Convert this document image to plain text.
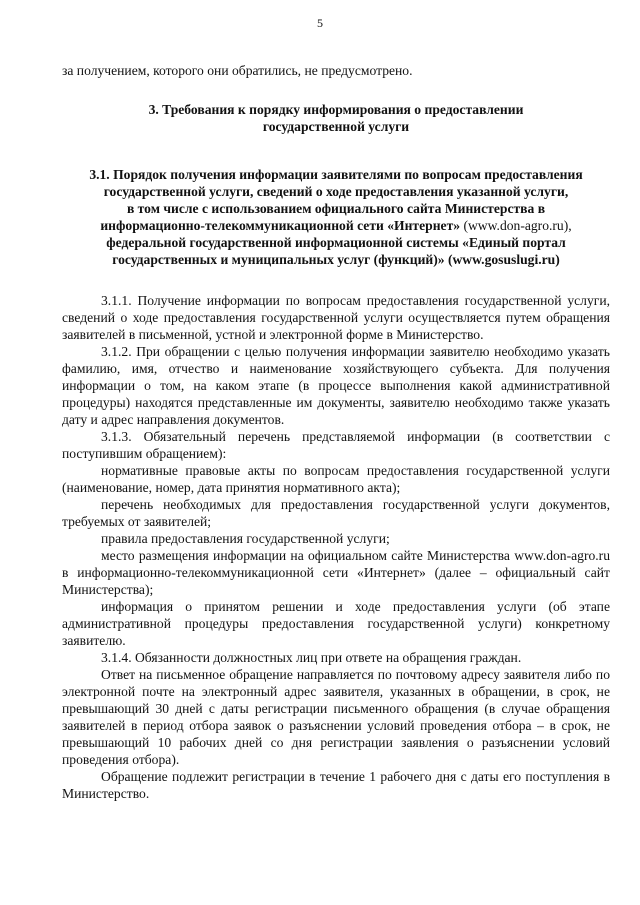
5

за получением, которого они обратились, не предусмотрено.

3. Требования к порядку информирования о предоставлении
государственной услуги
3.1. Порядок получения информации заявителями по вопросам предоставления
государственной услуги, сведений о ходе предоставления указанной услуги,
в том числе с использованием официального сайта Министерства в
информационно-телекоммуникационной сети «Интернет» (www.don-agro.ru),
федеральной государственной информационной системы «Единый портал
государственных и муниципальных услуг (функций)» (www.gosuslugi.ru)

3.1.1. Получение информации по вопросам предоставления государственной услуги, сведений о ходе предоставления государственной услуги осуществляется путем обращения заявителей в письменной, устной и электронной форме в Министерство.

3.1.2. При обращении с целью получения информации заявителю необходимо указать фамилию, имя, отчество и наименование хозяйствующего субъекта. Для получения информации о том, на каком этапе (в процессе выполнения какой административной процедуры) находятся представленные им документы, заявителю необходимо также указать дату и адрес направления документов.

3.1.3. Обязательный перечень представляемой информации (в соответствии с поступившим обращением):

нормативные правовые акты по вопросам предоставления государственной услуги (наименование, номер, дата принятия нормативного акта);

перечень необходимых для предоставления государственной услуги документов, требуемых от заявителей;

правила предоставления государственной услуги;

место размещения информации на официальном сайте Министерства www.don-agro.ru в информационно-телекоммуникационной сети «Интернет» (далее – официальный сайт Министерства);

информация о принятом решении и ходе предоставления услуги (об этапе административной процедуры предоставления государственной услуги) конкретному заявителю.

3.1.4. Обязанности должностных лиц при ответе на обращения граждан.

Ответ на письменное обращение направляется по почтовому адресу заявителя либо по электронной почте на электронный адрес заявителя, указанных в обращении, в срок, не превышающий 30 дней с даты регистрации письменного обращения (в случае обращения заявителей в период отбора заявок о разъяснении условий проведения отбора – в срок, не превышающий 10 рабочих дней со дня регистрации заявления о разъяснении условий проведения отбора).

Обращение подлежит регистрации в течение 1 рабочего дня с даты его поступления в Министерство.
